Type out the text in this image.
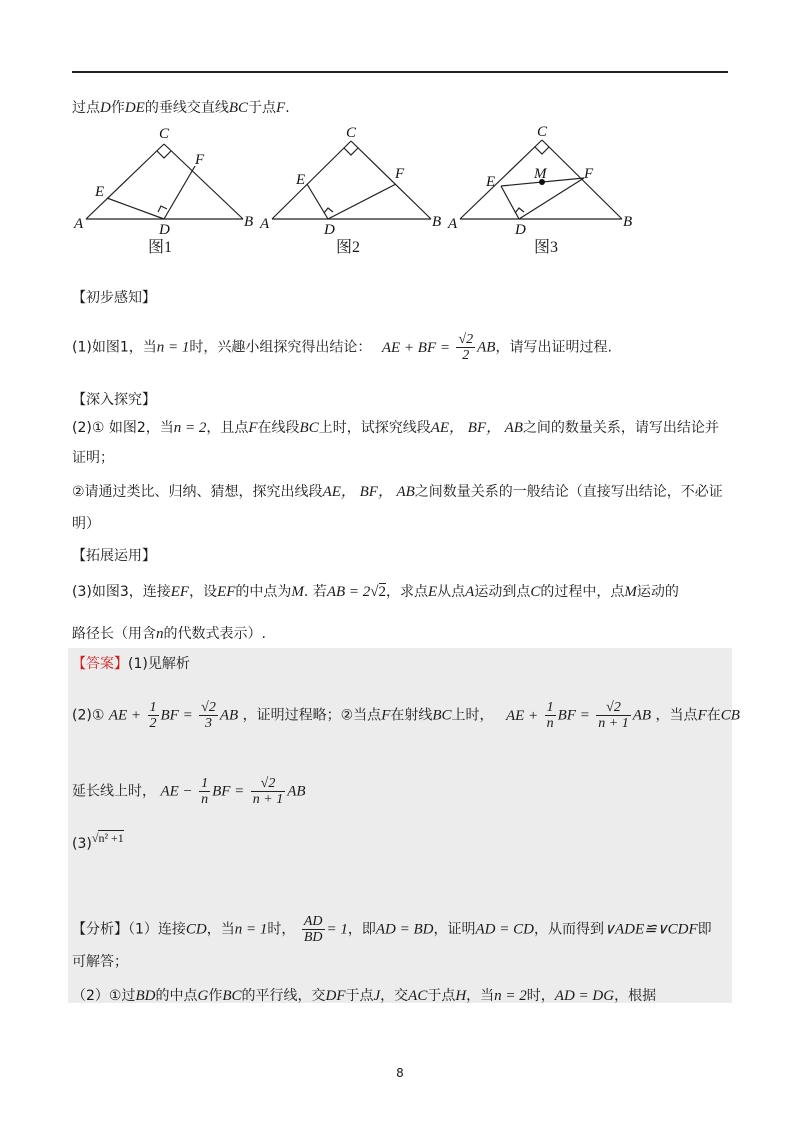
过点D作DE的垂线交直线BC于点F.
A	B
C
D
E
F
图1
A	B
C
D
E	F
图2
A	B
C
D
E	F
M
图3
【初步感知】
(1)如图1，当n = 1时，兴趣小组探究得出结论： AE + BF = $\frac{√2}{2}$ AB，请写出证明过程.
【深入探究】
(2)① 如图2，当n = 2，且点F在线段BC上时，试探究线段AE， BF， AB之间的数量关系，请写出结论并
证明；
②请通过类比、归纳、猜想，探究出线段AE， BF， AB之间数量关系的一般结论（直接写出结论，不必证
明）
【拓展运用】
(3)如图3，连接EF，设EF的中点为M. 若AB = 2√2，求点E从点A运动到点C的过程中，点M运动的
路径长（用含n的代数式表示）.
【答案】(1)见解析
(2)① AE + $\frac{1}{2}$ BF = $\frac{√2}{3}$ AB ，证明过程略；②当点F在射线BC上时， AE + $\frac{1}{n}$ BF = $\frac{√2}{n + 1}$ AB ，当点F在CB
延长线上时， AE − $\frac{1}{n}$ BF = $\frac{√2}{n + 1}$ AB
(3)√n² +1
【分析】（1）连接CD，当n = 1时， $\frac{AD}{BD} = 1$，即AD = BD，证明AD = CD，从而得到∨ADE≌∨CDF即
可解答；
（2）①过BD的中点G作BC的平行线，交DF于点J，交AC于点H，当n = 2时，AD = DG，根据
8
